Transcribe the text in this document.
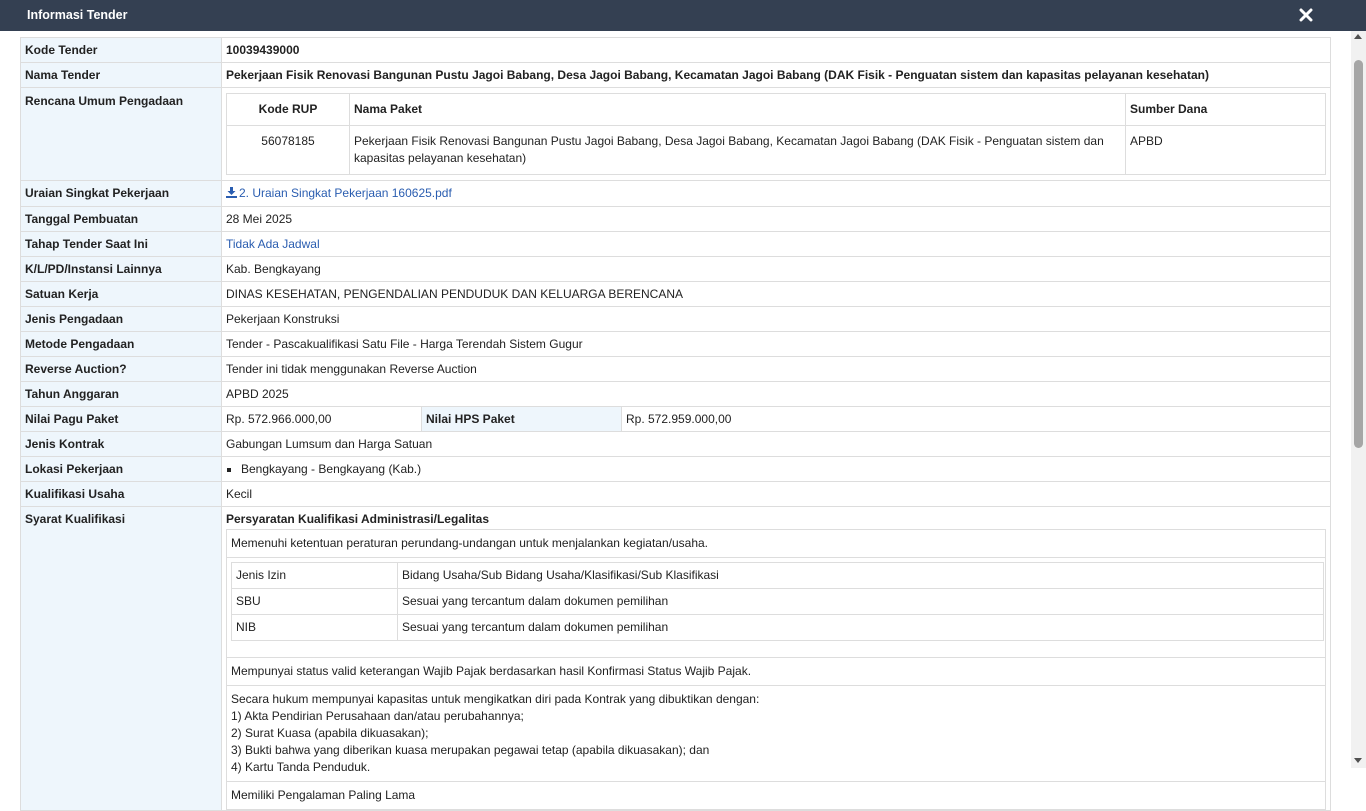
Informasi Tender
Kode Tender	10039439000
Nama Tender	Pekerjaan Fisik Renovasi Bangunan Pustu Jagoi Babang, Desa Jagoi Babang, Kecamatan Jagoi Babang (DAK Fisik - Penguatan sistem dan kapasitas pelayanan kesehatan)
Rencana Umum Pengadaan	
Kode RUP	Nama Paket	Sumber Dana
56078185	Pekerjaan Fisik Renovasi Bangunan Pustu Jagoi Babang, Desa Jagoi Babang, Kecamatan Jagoi Babang (DAK Fisik - Penguatan sistem dan kapasitas pelayanan kesehatan)	APBD

Uraian Singkat Pekerjaan	2. Uraian Singkat Pekerjaan 160625.pdf
Tanggal Pembuatan	28 Mei 2025
Tahap Tender Saat Ini	Tidak Ada Jadwal
K/L/PD/Instansi Lainnya	Kab. Bengkayang
Satuan Kerja	DINAS KESEHATAN, PENGENDALIAN PENDUDUK DAN KELUARGA BERENCANA
Jenis Pengadaan	Pekerjaan Konstruksi
Metode Pengadaan	Tender - Pascakualifikasi Satu File - Harga Terendah Sistem Gugur
Reverse Auction?	Tender ini tidak menggunakan Reverse Auction
Tahun Anggaran	APBD 2025
Nilai Pagu Paket		Rp. 572.966.000,00	Nilai HPS Paket	Rp. 572.959.000,00

Jenis Kontrak	Gabungan Lumsum dan Harga Satuan
Lokasi Pekerjaan	
▪Bengkayang - Bengkayang (Kab.)

Kualifikasi Usaha	Kecil
Syarat Kualifikasi	Persyaratan Kualifikasi Administrasi/Legalitas
Memenuhi ketentuan peraturan perundang-undangan untuk menjalankan kegiatan/usaha.
Jenis Izin	Bidang Usaha/Sub Bidang Usaha/Klasifikasi/Sub Klasifikasi
SBU	Sesuai yang tercantum dalam dokumen pemilihan
NIB	Sesuai yang tercantum dalam dokumen pemilihan
Mempunyai status valid keterangan Wajib Pajak berdasarkan hasil Konfirmasi Status Wajib Pajak.
Secara hukum mempunyai kapasitas untuk mengikatkan diri pada Kontrak yang dibuktikan dengan:
1) Akta Pendirian Perusahaan dan/atau perubahannya;
2) Surat Kuasa (apabila dikuasakan);
3) Bukti bahwa yang diberikan kuasa merupakan pegawai tetap (apabila dikuasakan); dan
4) Kartu Tanda Penduduk.
Memiliki Pengalaman Paling Lama
